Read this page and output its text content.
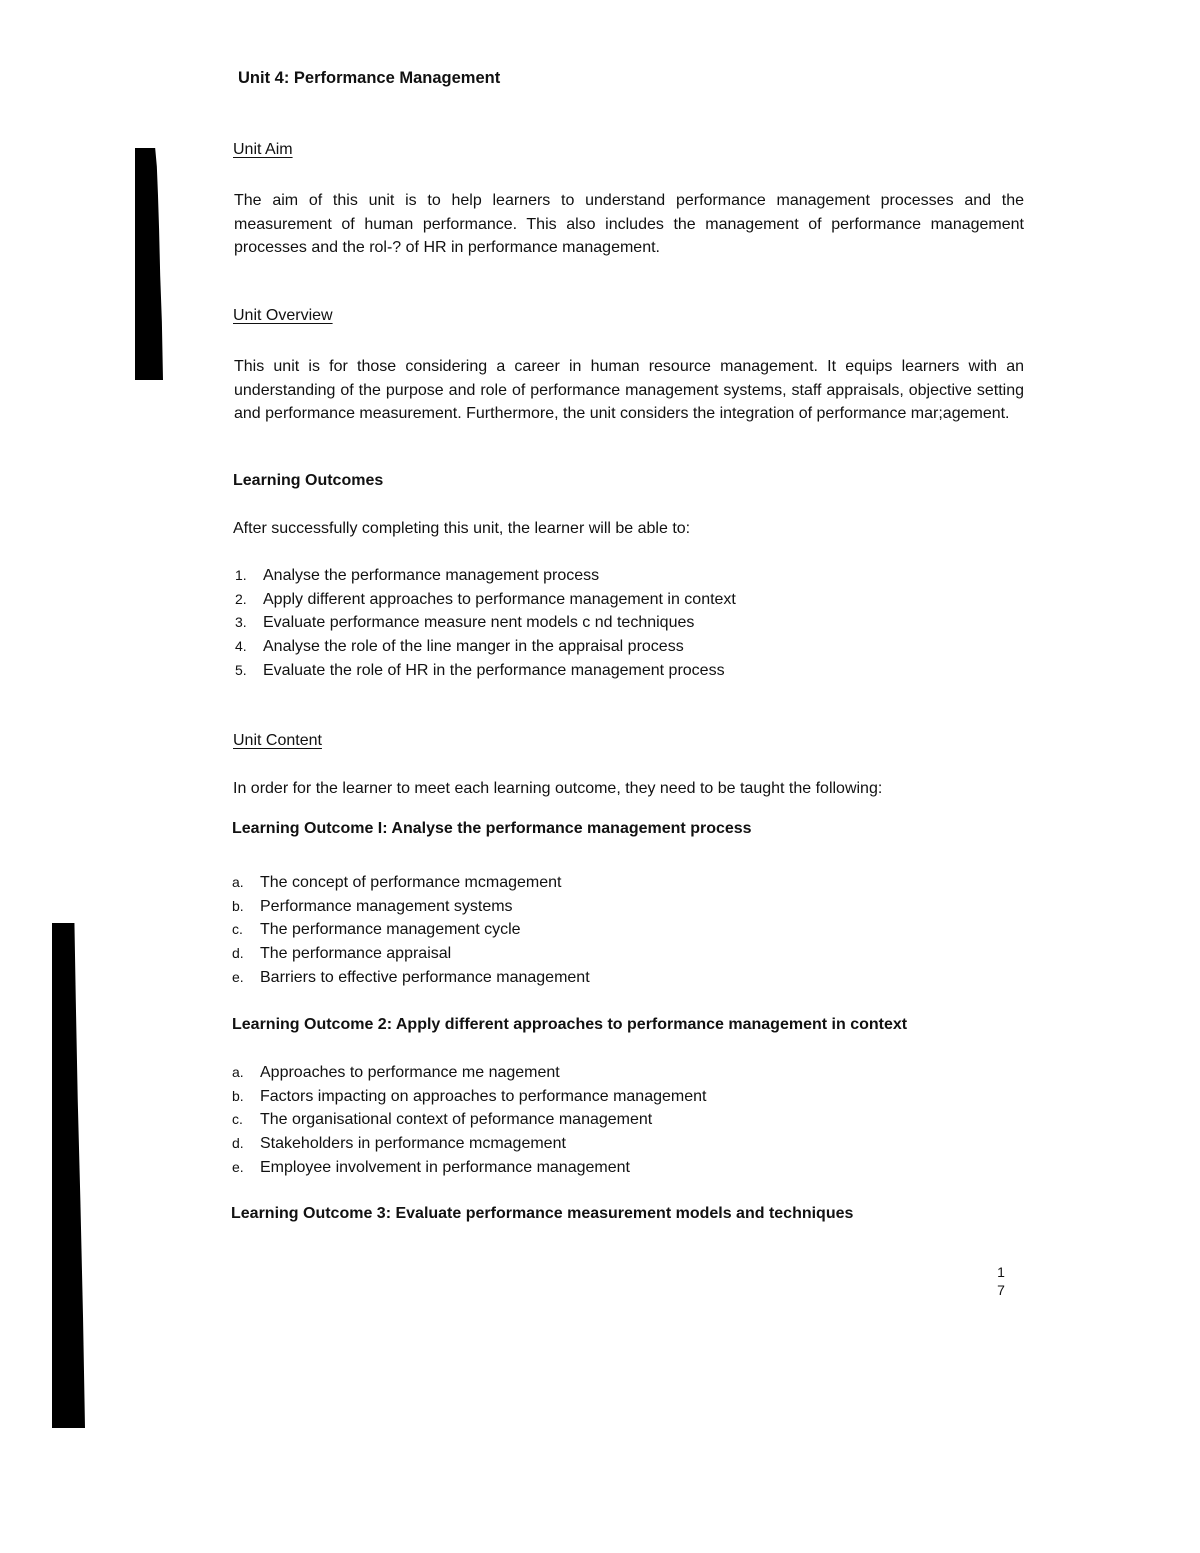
Unit 4: Performance Management
Unit Aim
The aim of this unit is to help learners to understand performance management processes and the measurement of human performance. This also includes the management of performance management processes and the rol-? of HR in performance management.
Unit Overview
This unit is for those considering a career in human resource management. It equips learners with an understanding of the purpose and role of performance management systems, staff appraisals, objective setting and performance measurement. Furthermore, the unit considers the integration of performance mar;agement.
Learning Outcomes
After successfully completing this unit, the learner will be able to:
1. Analyse the performance management process
2. Apply different approaches to performance management in context
3. Evaluate performance measure nent models c nd techniques
4. Analyse the role of the line manger in the appraisal process
5. Evaluate the role of HR in the performance management process
Unit Content
In order for the learner to meet each learning outcome, they need to be taught the following:
Learning Outcome I: Analyse the performance management process
a. The concept of performance mcmagement
b. Performance management systems
c. The performance management cycle
d. The performance appraisal
e. Barriers to effective performance management
Learning Outcome 2: Apply different approaches to performance management in context
a. Approaches to performance me nagement
b. Factors impacting on approaches to performance management
c. The organisational context of peformance management
d. Stakeholders in performance mcmagement
e. Employee involvement in performance management
Learning Outcome 3: Evaluate performance measurement models and techniques
1
7
